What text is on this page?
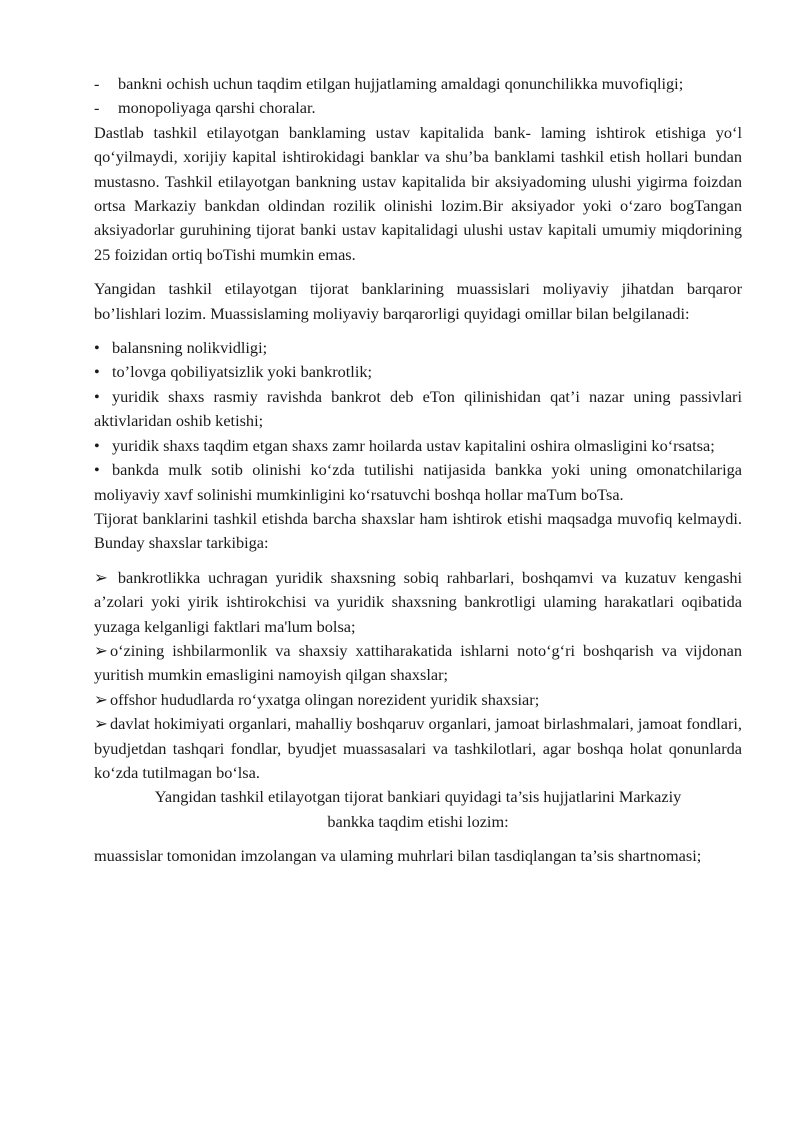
- bankni ochish uchun taqdim etilgan hujjatlaming amaldagi qonunchilikka muvofiqligi;

- monopoliyaga qarshi choralar.

Dastlab tashkil etilayotgan banklaming ustav kapitalida bank- laming ishtirok etishiga yo‘l qo‘yilmaydi, xorijiy kapital ishtirokidagi banklar va shu’ba banklami tashkil etish hollari bundan mustasno. Tashkil etilayotgan bankning ustav kapitalida bir aksiyadoming ulushi yigirma foizdan ortsa Markaziy bankdan oldindan rozilik olinishi lozim.Bir aksiyador yoki o‘zaro bogTangan aksiyadorlar guruhining tijorat banki ustav kapitalidagi ulushi ustav kapitali umumiy miqdorining 25 foizidan ortiq boTishi mumkin emas.

Yangidan tashkil etilayotgan tijorat banklarining muassislari moliyaviy jihatdan barqaror bo’lishlari lozim. Muassislaming moliyaviy barqarorligi quyidagi omillar bilan belgilanadi:

• balansning nolikvidligi;

• to’lovga qobiliyatsizlik yoki bankrotlik;

• yuridik shaxs rasmiy ravishda bankrot deb eTon qilinishidan qat’i nazar uning passivlari aktivlaridan oshib ketishi;

• yuridik shaxs taqdim etgan shaxs zamr hoilarda ustav kapitalini oshira olmasligini ko‘rsatsa;

• bankda mulk sotib olinishi ko‘zda tutilishi natijasida bankka yoki uning omonatchilariga moliyaviy xavf solinishi mumkinligini ko‘rsatuvchi boshqa hollar maTum boTsa.

Tijorat banklarini tashkil etishda barcha shaxslar ham ishtirok etishi maqsadga muvofiq kelmaydi. Bunday shaxslar tarkibiga:

➢ bankrotlikka uchragan yuridik shaxsning sobiq rahbarlari, boshqamvi va kuzatuv kengashi a’zolari yoki yirik ishtirokchisi va yuridik shaxsning bankrotligi ulaming harakatlari oqibatida yuzaga kelganligi faktlari ma'lum bolsa;

➢ o‘zining ishbilarmonlik va shaxsiy xattiharakatida ishlarni noto‘g‘ri boshqarish va vijdonan yuritish mumkin emasligini namoyish qilgan shaxslar;

➢ offshor hududlarda ro‘yxatga olingan norezident yuridik shaxsiar;

➢ davlat hokimiyati organlari, mahalliy boshqaruv organlari, jamoat birlashmalari, jamoat fondlari, byudjetdan tashqari fondlar, byudjet muassasalari va tashkilotlari, agar boshqa holat qonunlarda ko‘zda tutilmagan bo‘lsa.

Yangidan tashkil etilayotgan tijorat bankiari quyidagi ta’sis hujjatlarini Markaziy

bankka taqdim etishi lozim:

muassislar tomonidan imzolangan va ulaming muhrlari bilan tasdiqlangan ta’sis shartnomasi;
